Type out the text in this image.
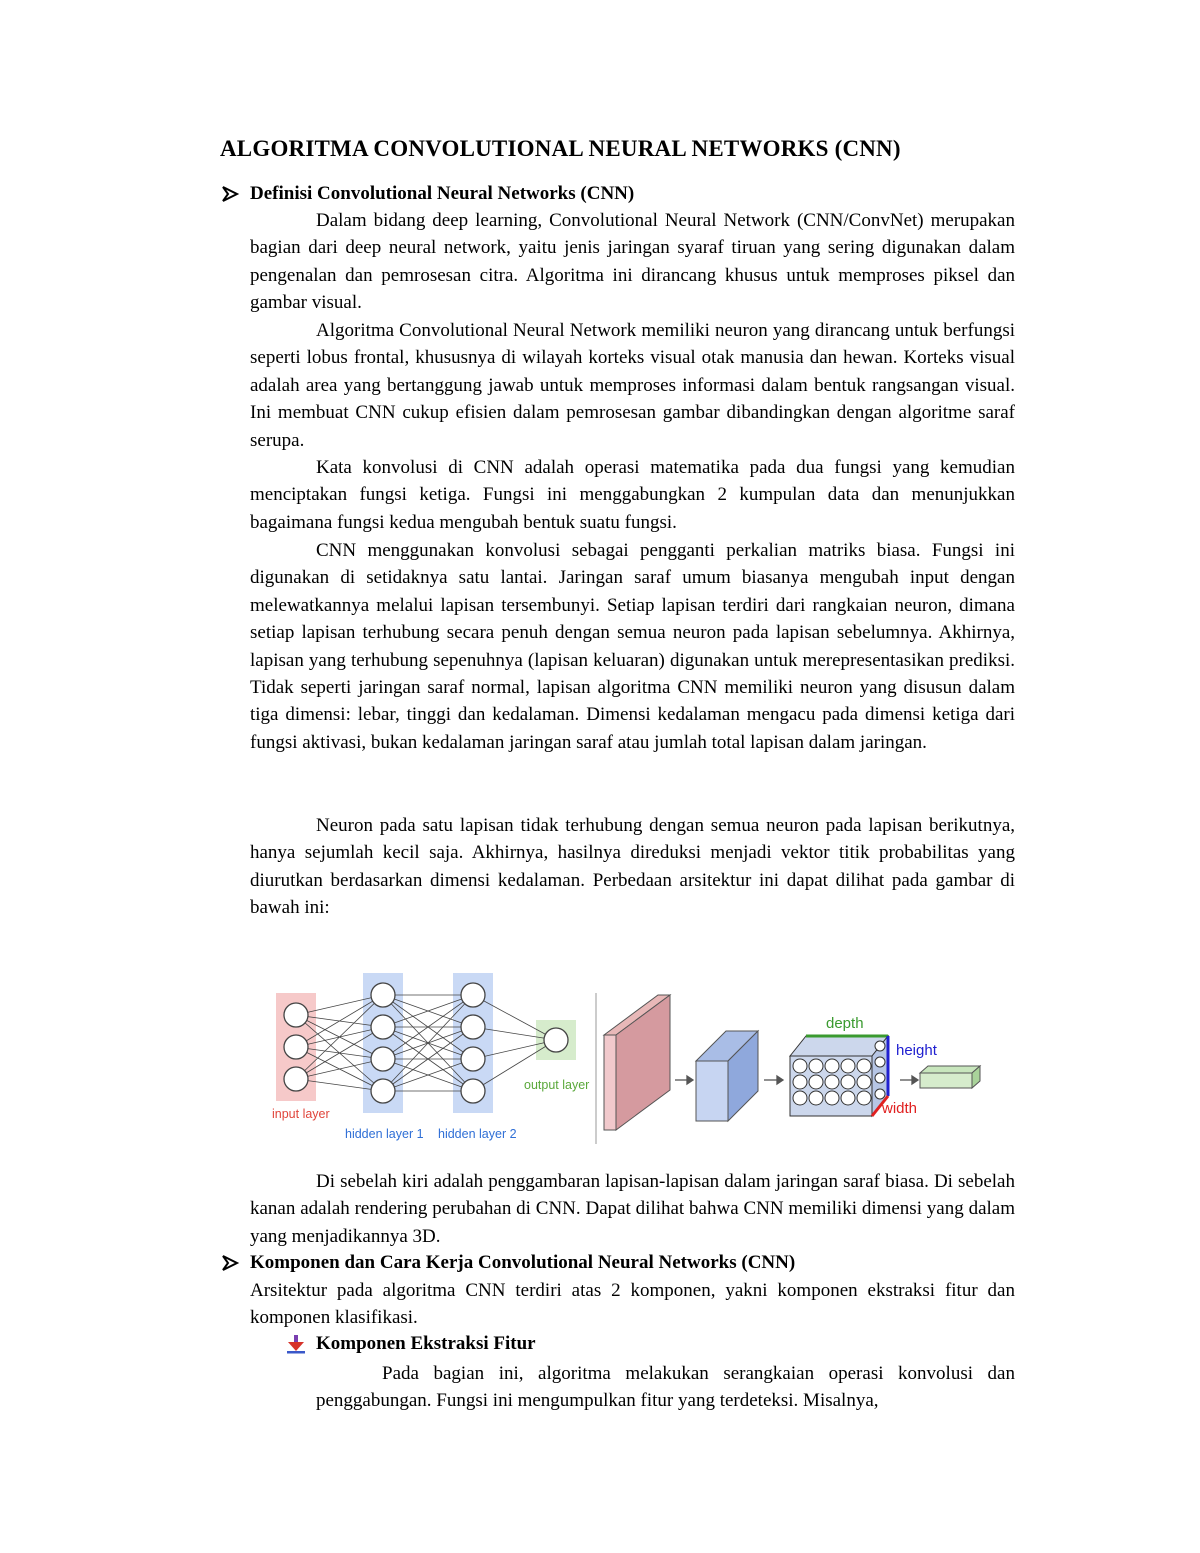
ALGORITMA CONVOLUTIONAL NEURAL NETWORKS (CNN)
Definisi Convolutional Neural Networks (CNN)

Dalam bidang deep learning, Convolutional Neural Network (CNN/ConvNet) merupakan bagian dari deep neural network, yaitu jenis jaringan syaraf tiruan yang sering digunakan dalam pengenalan dan pemrosesan citra. Algoritma ini dirancang khusus untuk memproses piksel dan gambar visual.

Algoritma Convolutional Neural Network memiliki neuron yang dirancang untuk berfungsi seperti lobus frontal, khususnya di wilayah korteks visual otak manusia dan hewan. Korteks visual adalah area yang bertanggung jawab untuk memproses informasi dalam bentuk rangsangan visual. Ini membuat CNN cukup efisien dalam pemrosesan gambar dibandingkan dengan algoritme saraf serupa.

Kata konvolusi di CNN adalah operasi matematika pada dua fungsi yang kemudian menciptakan fungsi ketiga. Fungsi ini menggabungkan 2 kumpulan data dan menunjukkan bagaimana fungsi kedua mengubah bentuk suatu fungsi.

CNN menggunakan konvolusi sebagai pengganti perkalian matriks biasa. Fungsi ini digunakan di setidaknya satu lantai. Jaringan saraf umum biasanya mengubah input dengan melewatkannya melalui lapisan tersembunyi. Setiap lapisan terdiri dari rangkaian neuron, dimana setiap lapisan terhubung secara penuh dengan semua neuron pada lapisan sebelumnya. Akhirnya, lapisan yang terhubung sepenuhnya (lapisan keluaran) digunakan untuk merepresentasikan prediksi. Tidak seperti jaringan saraf normal, lapisan algoritma CNN memiliki neuron yang disusun dalam tiga dimensi: lebar, tinggi dan kedalaman. Dimensi kedalaman mengacu pada dimensi ketiga dari fungsi aktivasi, bukan kedalaman jaringan saraf atau jumlah total lapisan dalam jaringan.

Neuron pada satu lapisan tidak terhubung dengan semua neuron pada lapisan berikutnya, hanya sejumlah kecil saja. Akhirnya, hasilnya direduksi menjadi vektor titik probabilitas yang diurutkan berdasarkan dimensi kedalaman. Perbedaan arsitektur ini dapat dilihat pada gambar di bawah ini:

input layer
hidden layer 1 hidden layer 2
output layer
depth
height
width

Di sebelah kiri adalah penggambaran lapisan-lapisan dalam jaringan saraf biasa. Di sebelah kanan adalah rendering perubahan di CNN. Dapat dilihat bahwa CNN memiliki dimensi yang dalam yang menjadikannya 3D.

Komponen dan Cara Kerja Convolutional Neural Networks (CNN)

Arsitektur pada algoritma CNN terdiri atas 2 komponen, yakni komponen ekstraksi fitur dan komponen klasifikasi.

Komponen Ekstraksi Fitur

Pada bagian ini, algoritma melakukan serangkaian operasi konvolusi dan penggabungan. Fungsi ini mengumpulkan fitur yang terdeteksi. Misalnya,
